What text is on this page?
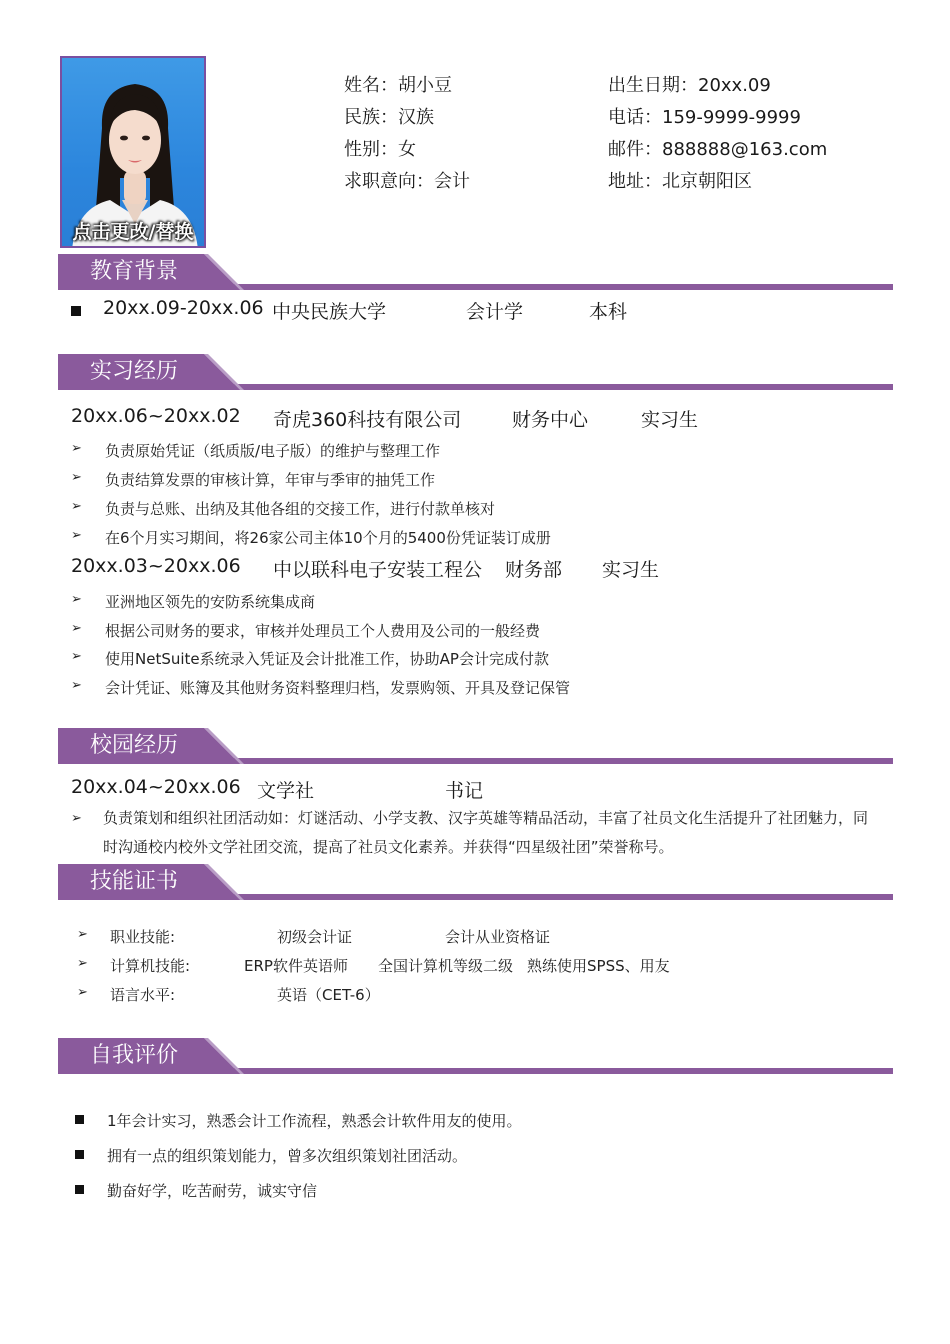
点击更改/替换
姓名：胡小豆
民族：汉族
性别：女
求职意向：会计
出生日期：20xx.09
电话：159-9999-9999
邮件：888888@163.com
地址：北京朝阳区
教育背景
20xx.09-20xx.06 中央民族大学	会计学	本科
实习经历
20xx.06~20xx.02 奇虎360科技有限公司	财务中心	实习生
➢ 负责原始凭证（纸质版/电子版）的维护与整理工作
➢ 负责结算发票的审核计算，年审与季审的抽凭工作
➢ 负责与总账、出纳及其他各组的交接工作，进行付款单核对
➢ 在6个月实习期间，将26家公司主体10个月的5400份凭证装订成册
20xx.03~20xx.06 中以联科电子安装工程公 财务部 实习生
➢ 亚洲地区领先的安防系统集成商
➢ 根据公司财务的要求，审核并处理员工个人费用及公司的一般经费
➢ 使用NetSuite系统录入凭证及会计批准工作，协助AP会计完成付款
➢ 会计凭证、账簿及其他财务资料整理归档，发票购领、开具及登记保管
校园经历
20xx.04~20xx.06 文学社	书记
➢ 负责策划和组织社团活动如：灯谜活动、小学支教、汉字英雄等精品活动，丰富了社员文化生活提升了社团魅力，同
时沟通校内校外文学社团交流，提高了社员文化素养。并获得“四星级社团”荣誉称号。
技能证书
➢ 职业技能:	初级会计证	会计从业资格证
➢ 计算机技能:	ERP软件英语师 全国计算机等级二级 熟练使用SPSS、用友
➢ 语言水平:	英语（CET-6）
自我评价
1年会计实习，熟悉会计工作流程，熟悉会计软件用友的使用。
拥有一点的组织策划能力，曾多次组织策划社团活动。
勤奋好学，吃苦耐劳，诚实守信
